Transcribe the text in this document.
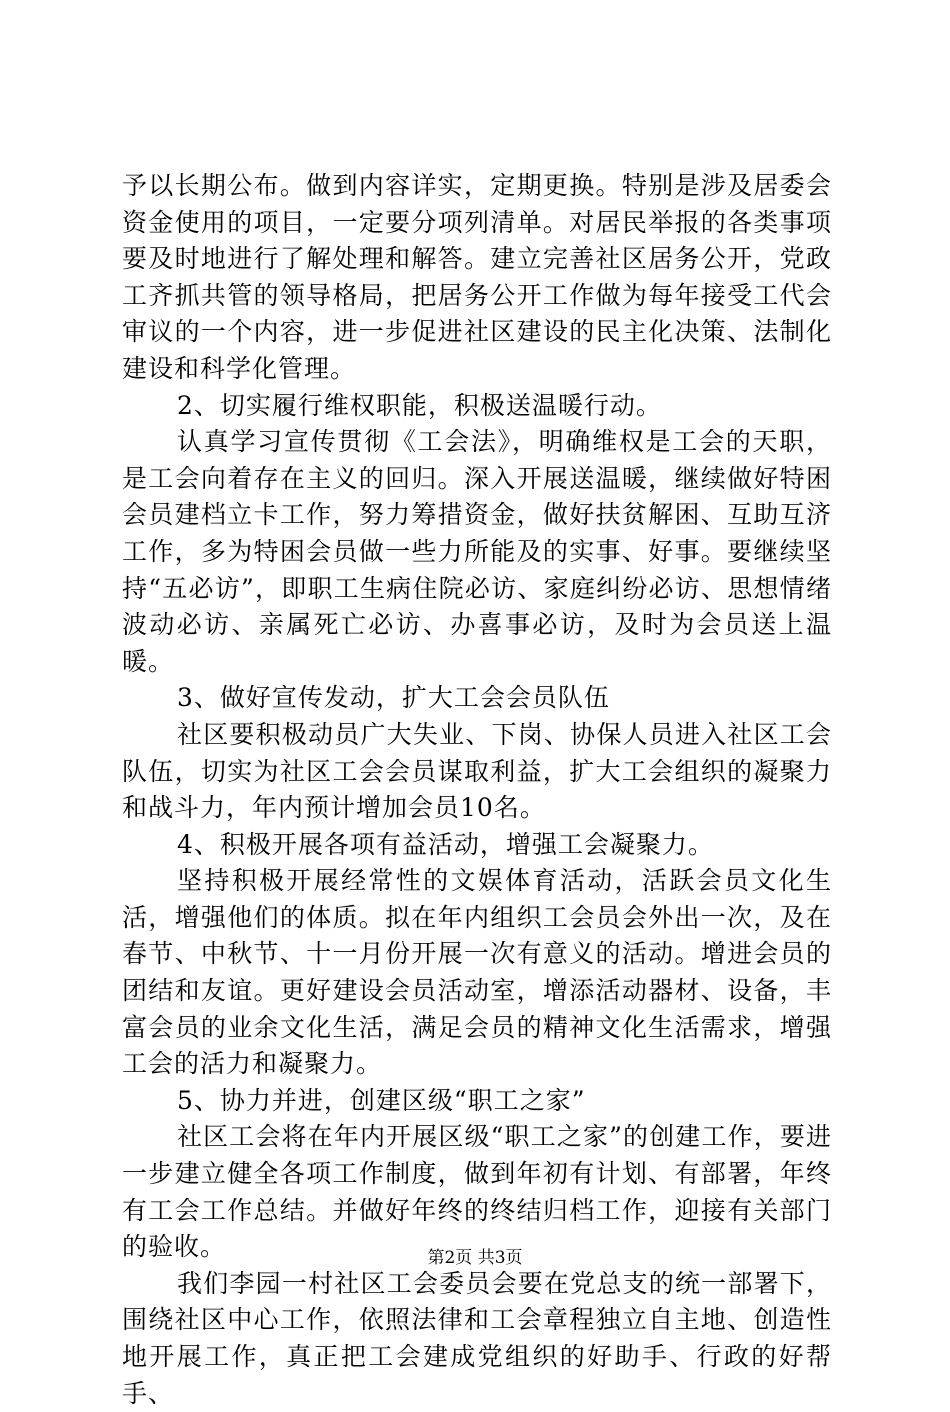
予以长期公布。做到内容详实，定期更换。特别是涉及居委会资金使用的项目，一定要分项列清单。对居民举报的各类事项要及时地进行了解处理和解答。建立完善社区居务公开，党政工齐抓共管的领导格局，把居务公开工作做为每年接受工代会审议的一个内容，进一步促进社区建设的民主化决策、法制化建设和科学化管理。

2、切实履行维权职能，积极送温暖行动。

认真学习宣传贯彻《工会法》，明确维权是工会的天职，是工会向着存在主义的回归。深入开展送温暖，继续做好特困会员建档立卡工作，努力筹措资金，做好扶贫解困、互助互济工作，多为特困会员做一些力所能及的实事、好事。要继续坚持“五必访”，即职工生病住院必访、家庭纠纷必访、思想情绪波动必访、亲属死亡必访、办喜事必访，及时为会员送上温暖。

3、做好宣传发动，扩大工会会员队伍

社区要积极动员广大失业、下岗、协保人员进入社区工会队伍，切实为社区工会会员谋取利益，扩大工会组织的凝聚力和战斗力，年内预计增加会员10名。

4、积极开展各项有益活动，增强工会凝聚力。

坚持积极开展经常性的文娱体育活动，活跃会员文化生活，增强他们的体质。拟在年内组织工会员会外出一次，及在春节、中秋节、十一月份开展一次有意义的活动。增进会员的团结和友谊。更好建设会员活动室，增添活动器材、设备，丰富会员的业余文化生活，满足会员的精神文化生活需求，增强工会的活力和凝聚力。

5、协力并进，创建区级“职工之家”

社区工会将在年内开展区级“职工之家”的创建工作，要进一步建立健全各项工作制度，做到年初有计划、有部署，年终有工会工作总结。并做好年终的终结归档工作，迎接有关部门的验收。

我们李园一村社区工会委员会要在党总支的统一部署下，围绕社区中心工作，依照法律和工会章程独立自主地、创造性地开展工作，真正把工会建成党组织的好助手、行政的好帮手、

第2页 共3页
